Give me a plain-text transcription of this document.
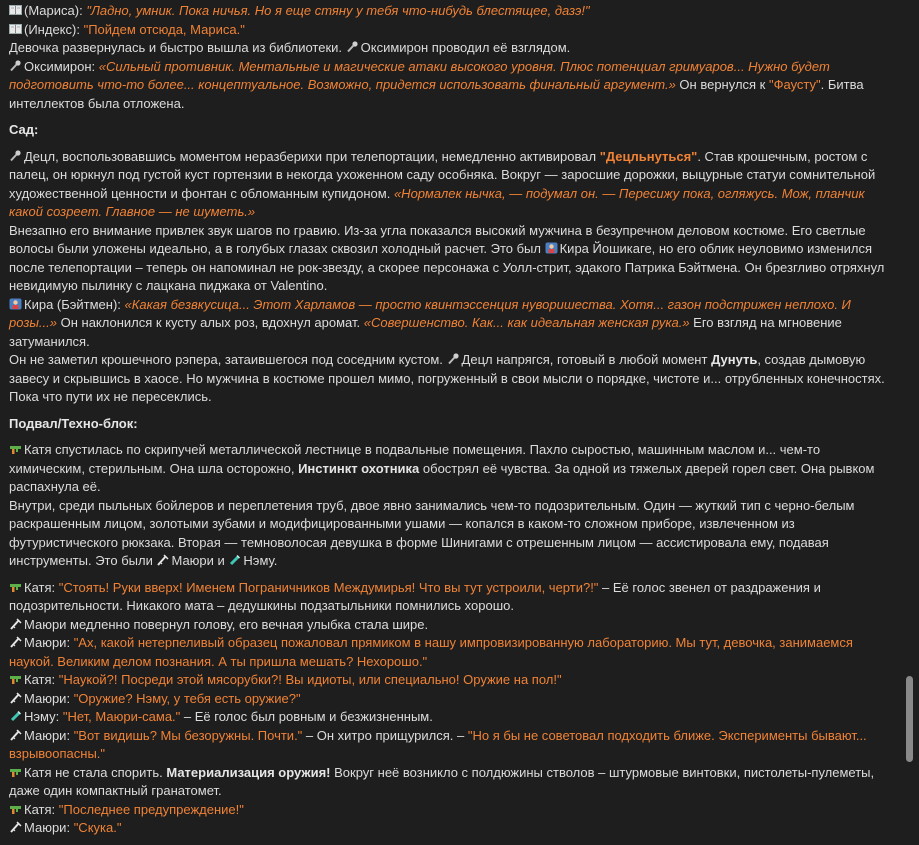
(Мариса): "Ладно, умник. Пока ничья. Но я еще стяну у тебя что-нибудь блестящее, дазэ!"

(Индекс): "Пойдем отсюда, Мариса."

Девочка развернулась и быстро вышла из библиотеки. Оксимирон проводил её взглядом.

Оксимирон: «Сильный противник. Ментальные и магические атаки высокого уровня. Плюс потенциал гримуаров... Нужно будет подготовить что-то более... концептуальное. Возможно, придется использовать финальный аргумент.» Он вернулся к "Фаусту". Битва интеллектов была отложена.

Сад:

Децл, воспользовавшись моментом неразберихи при телепортации, немедленно активировал "Децльнуться". Став крошечным, ростом с палец, он юркнул под густой куст гортензии в некогда ухоженном саду особняка. Вокруг — заросшие дорожки, выцурные статуи сомнительной художественной ценности и фонтан с обломанным купидоном. «Нормалек нычка, — подумал он. — Пересижу пока, огляжусь. Мож, планчик какой созреет. Главное — не шуметь.»

Внезапно его внимание привлек звук шагов по гравию. Из-за угла показался высокий мужчина в безупречном деловом костюме. Его светлые волосы были уложены идеально, а в голубых глазах сквозил холодный расчет. Это был Кира Йошикаге, но его облик неуловимо изменился после телепортации – теперь он напоминал не рок-звезду, а скорее персонажа с Уолл-стрит, эдакого Патрика Бэйтмена. Он брезгливо отряхнул невидимую пылинку с лацкана пиджака от Valentino.

Кира (Бэйтмен): «Какая безвкусица... Этот Харламов — просто квинтэссенция нуворишества. Хотя... газон подстрижен неплохо. И розы...» Он наклонился к кусту алых роз, вдохнул аромат. «Совершенство. Как... как идеальная женская рука.» Его взгляд на мгновение затуманился.

Он не заметил крошечного рэпера, затаившегося под соседним кустом. Децл напрягся, готовый в любой момент Дунуть, создав дымовую завесу и скрывшись в хаосе. Но мужчина в костюме прошел мимо, погруженный в свои мысли о порядке, чистоте и... отрубленных конечностях. Пока что пути их не пересеклись.

Подвал/Техно-блок:

Катя спустилась по скрипучей металлической лестнице в подвальные помещения. Пахло сыростью, машинным маслом и... чем-то химическим, стерильным. Она шла осторожно, Инстинкт охотника обострял её чувства. За одной из тяжелых дверей горел свет. Она рывком распахнула её.

Внутри, среди пыльных бойлеров и переплетения труб, двое явно занимались чем-то подозрительным. Один — жуткий тип с черно-белым раскрашенным лицом, золотыми зубами и модифицированными ушами — копался в каком-то сложном приборе, извлеченном из футуристического рюкзака. Вторая — темноволосая девушка в форме Шинигами с отрешенным лицом — ассистировала ему, подавая инструменты. Это были Маюри и Нэму.

Катя: "Стоять! Руки вверх! Именем Пограничников Междумирья! Что вы тут устроили, черти?!" – Её голос звенел от раздражения и подозрительности. Никакого мата – дедушкины подзатыльники помнились хорошо.

Маюри медленно повернул голову, его вечная улыбка стала шире.

Маюри: "Ах, какой нетерпеливый образец пожаловал прямиком в нашу импровизированную лабораторию. Мы тут, девочка, занимаемся наукой. Великим делом познания. А ты пришла мешать? Нехорошо."

Катя: "Наукой?! Посреди этой мясорубки?! Вы идиоты, или специально! Оружие на пол!"

Маюри: "Оружие? Нэму, у тебя есть оружие?"

Нэму: "Нет, Маюри-сама." – Её голос был ровным и безжизненным.

Маюри: "Вот видишь? Мы безоружны. Почти." – Он хитро прищурился. – "Но я бы не советовал подходить ближе. Эксперименты бывают... взрывоопасны."

Катя не стала спорить. Материализация оружия! Вокруг неё возникло с полдюжины стволов – штурмовые винтовки, пистолеты-пулеметы, даже один компактный гранатомет.

Катя: "Последнее предупреждение!"

Маюри: "Скука."
